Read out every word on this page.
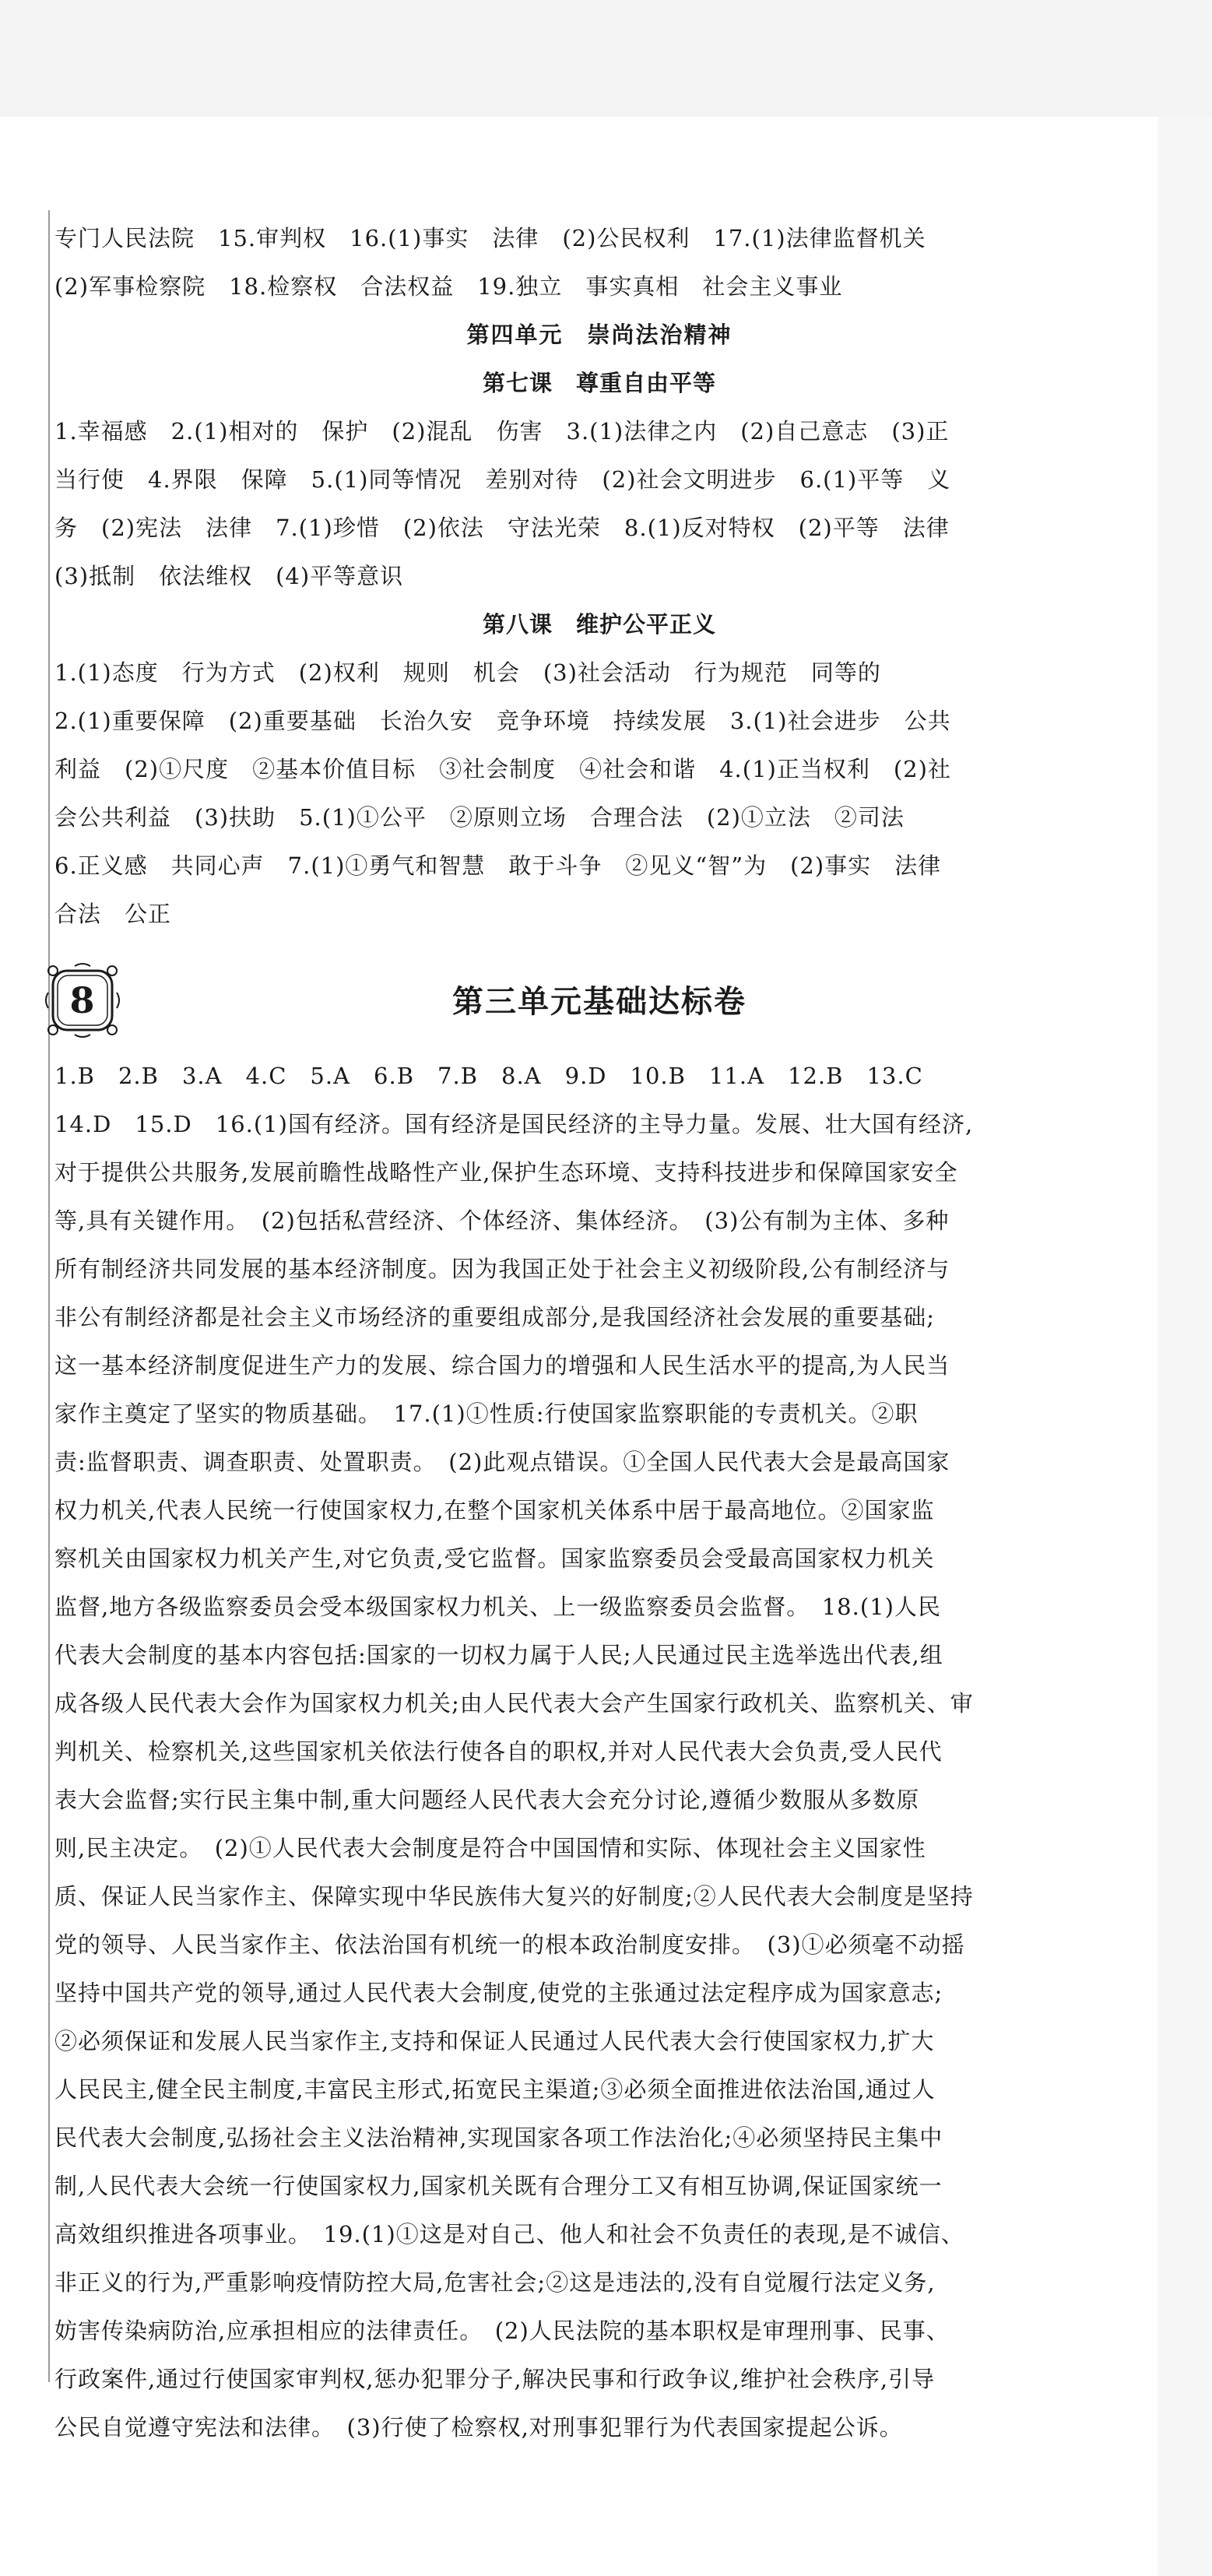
专门人民法院　15.审判权　16.(1)事实　法律　(2)公民权利　17.(1)法律监督机关
(2)军事检察院　18.检察权　合法权益　19.独立　事实真相　社会主义事业
第四单元　崇尚法治精神
第七课　尊重自由平等
1.幸福感　2.(1)相对的　保护　(2)混乱　伤害　3.(1)法律之内　(2)自己意志　(3)正
当行使　4.界限　保障　5.(1)同等情况　差别对待　(2)社会文明进步　6.(1)平等　义
务　(2)宪法　法律　7.(1)珍惜　(2)依法　守法光荣　8.(1)反对特权　(2)平等　法律
(3)抵制　依法维权　(4)平等意识
第八课　维护公平正义
1.(1)态度　行为方式　(2)权利　规则　机会　(3)社会活动　行为规范　同等的
2.(1)重要保障　(2)重要基础　长治久安　竞争环境　持续发展　3.(1)社会进步　公共
利益　(2)①尺度　②基本价值目标　③社会制度　④社会和谐　4.(1)正当权利　(2)社
会公共利益　(3)扶助　5.(1)①公平　②原则立场　合理合法　(2)①立法　②司法
6.正义感　共同心声　7.(1)①勇气和智慧　敢于斗争　②见义“智”为　(2)事实　法律
合法　公正
8	第三单元基础达标卷
1.B　2.B　3.A　4.C　5.A　6.B　7.B　8.A　9.D　10.B　11.A　12.B　13.C
14.D　15.D　16.(1)国有经济。国有经济是国民经济的主导力量。发展、壮大国有经济,
对于提供公共服务,发展前瞻性战略性产业,保护生态环境、支持科技进步和保障国家安全
等,具有关键作用。　(2)包括私营经济、个体经济、集体经济。　(3)公有制为主体、多种
所有制经济共同发展的基本经济制度。因为我国正处于社会主义初级阶段,公有制经济与
非公有制经济都是社会主义市场经济的重要组成部分,是我国经济社会发展的重要基础;
这一基本经济制度促进生产力的发展、综合国力的增强和人民生活水平的提高,为人民当
家作主奠定了坚实的物质基础。　17.(1)①性质:行使国家监察职能的专责机关。②职
责:监督职责、调查职责、处置职责。　(2)此观点错误。①全国人民代表大会是最高国家
权力机关,代表人民统一行使国家权力,在整个国家机关体系中居于最高地位。②国家监
察机关由国家权力机关产生,对它负责,受它监督。国家监察委员会受最高国家权力机关
监督,地方各级监察委员会受本级国家权力机关、上一级监察委员会监督。　18.(1)人民
代表大会制度的基本内容包括:国家的一切权力属于人民;人民通过民主选举选出代表,组
成各级人民代表大会作为国家权力机关;由人民代表大会产生国家行政机关、监察机关、审
判机关、检察机关,这些国家机关依法行使各自的职权,并对人民代表大会负责,受人民代
表大会监督;实行民主集中制,重大问题经人民代表大会充分讨论,遵循少数服从多数原
则,民主决定。　(2)①人民代表大会制度是符合中国国情和实际、体现社会主义国家性
质、保证人民当家作主、保障实现中华民族伟大复兴的好制度;②人民代表大会制度是坚持
党的领导、人民当家作主、依法治国有机统一的根本政治制度安排。　(3)①必须毫不动摇
坚持中国共产党的领导,通过人民代表大会制度,使党的主张通过法定程序成为国家意志;
②必须保证和发展人民当家作主,支持和保证人民通过人民代表大会行使国家权力,扩大
人民民主,健全民主制度,丰富民主形式,拓宽民主渠道;③必须全面推进依法治国,通过人
民代表大会制度,弘扬社会主义法治精神,实现国家各项工作法治化;④必须坚持民主集中
制,人民代表大会统一行使国家权力,国家机关既有合理分工又有相互协调,保证国家统一
高效组织推进各项事业。　19.(1)①这是对自己、他人和社会不负责任的表现,是不诚信、
非正义的行为,严重影响疫情防控大局,危害社会;②这是违法的,没有自觉履行法定义务,
妨害传染病防治,应承担相应的法律责任。　(2)人民法院的基本职权是审理刑事、民事、
行政案件,通过行使国家审判权,惩办犯罪分子,解决民事和行政争议,维护社会秩序,引导
公民自觉遵守宪法和法律。　(3)行使了检察权,对刑事犯罪行为代表国家提起公诉。
